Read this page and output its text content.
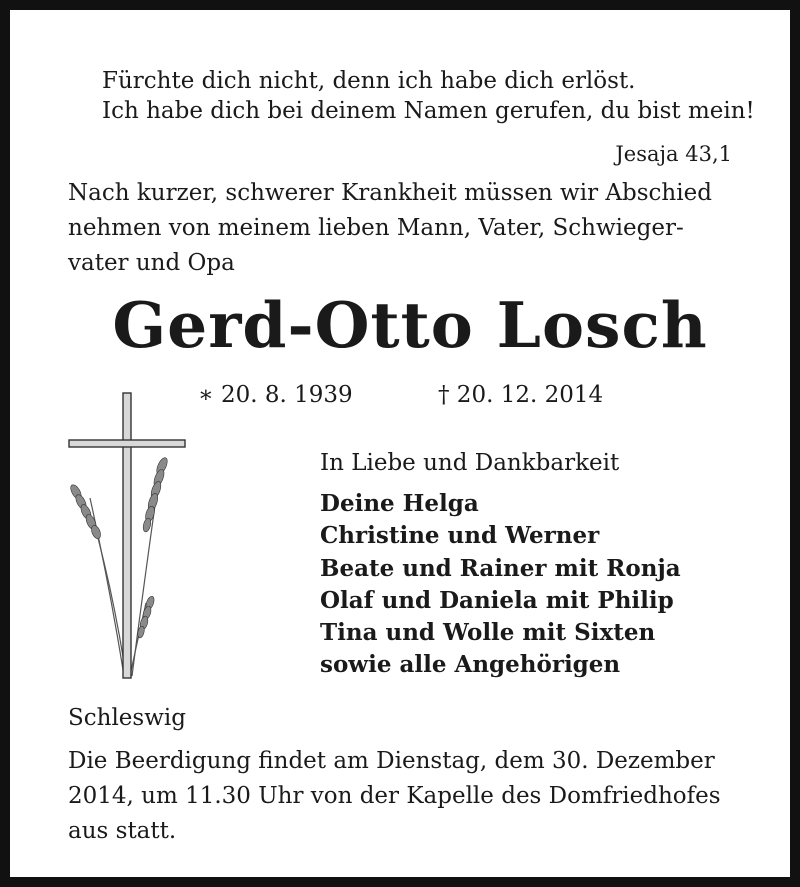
Fürchte dich nicht, denn ich habe dich erlöst.
Ich habe dich bei deinem Namen gerufen, du bist mein!
Jesaja 43,1
Nach kurzer, schwerer Krankheit müssen wir Abschied
nehmen von meinem lieben Mann, Vater, Schwieger-
vater und Opa
Gerd-Otto Losch
∗ 20. 8. 1939	† 20. 12. 2014
In Liebe und Dankbarkeit
Deine Helga
Christine und Werner
Beate und Rainer mit Ronja
Olaf und Daniela mit Philip
Tina und Wolle mit Sixten
sowie alle Angehörigen
Schleswig
Die Beerdigung findet am Dienstag, dem 30. Dezember
2014, um 11.30 Uhr von der Kapelle des Domfriedhofes
aus statt.
